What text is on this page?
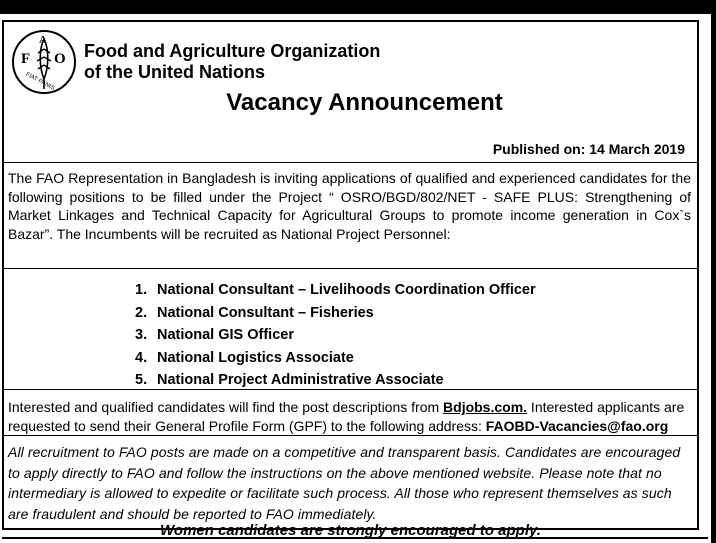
F
A
O
FIAT PANIS
Food and Agriculture Organization
of the United Nations
Vacancy Announcement
Published on: 14 March 2019

The FAO Representation in Bangladesh is inviting applications of qualified and experienced candidates for the following positions to be filled under the Project “ OSRO/BGD/802/NET - SAFE PLUS: Strengthening of Market Linkages and Technical Capacity for Agricultural Groups to promote income generation in Cox`s Bazar”. The Incumbents will be recruited as National Project Personnel:

1. National Consultant – Livelihoods Coordination Officer
2. National Consultant – Fisheries
3. National GIS Officer
4. National Logistics Associate
5. National Project Administrative Associate

Interested and qualified candidates will find the post descriptions from Bdjobs.com. Interested applicants are requested to send their General Profile Form (GPF) to the following address: FAOBD-Vacancies@fao.org

All recruitment to FAO posts are made on a competitive and transparent basis. Candidates are encouraged to apply directly to FAO and follow the instructions on the above mentioned website. Please note that no intermediary is allowed to expedite or facilitate such process. All those who represent themselves as such are fraudulent and should be reported to FAO immediately.

Women candidates are strongly encouraged to apply.
